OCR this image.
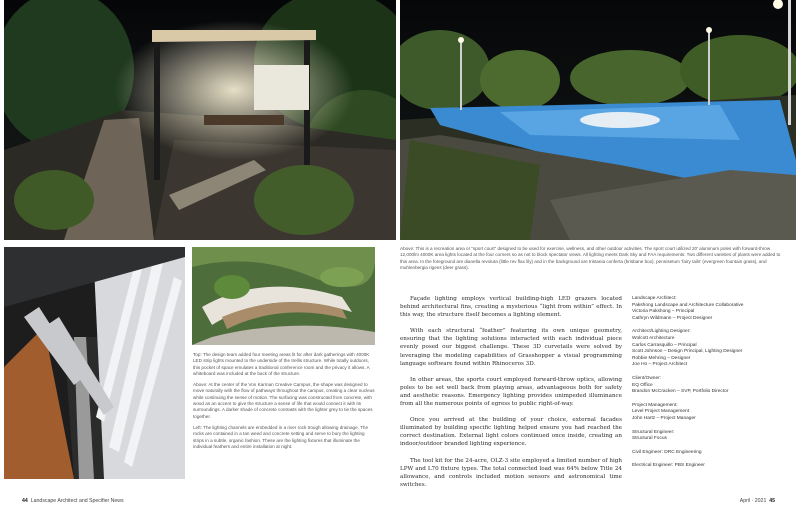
Above: This is a recreation area or “sport court” designed to be used for exercise, wellness, and other outdoor activities. The sport court utilized 20’ aluminum poles with forward-throw 12,000lm 4000K area lights located at the four corners so as not to block spectator views. All lighting meets Dark Sky and FAA requirements. Two different varieties of plants were added to this area. In the foreground are dianella revoluta (little rev flax lily) and in the background are tristania conferta (brisbane box), pennisetum ‘fairy tails’ (evergreen fountain grass), and muhlenbergia rigens (deer grass).

Top: The design team added four meeting areas lit for after dark gatherings with 4000K LED strip lights mounted to the underside of the trellis structure. While totally outdoors, this pocket of space emulates a traditional conference room and the privacy it allows. A whiteboard was included at the back of the structure.

Above: At the center of the Von Karman Creative Campus, the shape was designed to move naturally with the flow of pathways throughout the campus, creating a clear nucleus while continuing the sense of motion. The surfacing was constructed from concrete, with wood as an accent to give the structure a sense of life that would connect it with its surroundings. A darker shade of concrete contrasts with the lighter grey to tie the spaces together.

Left: The lighting channels are embedded in a river rock trough allowing drainage. The rocks are contained in a tan weed and concrete setting and serve to bury the lighting strips in a subtle, organic fashion. These are the lighting fixtures that illuminate the individual feathers and entire installation at night.

Façade lighting employs vertical building-high LED grazers located behind architectural fins, creating a mysterious “light from within” effect. In this way, the structure itself becomes a lighting element.

With each structural “feather” featuring its own unique geometry, ensuring that the lighting solutions interacted with each individual piece evenly posed our biggest challenge. These 3D curvetails were solved by leveraging the modeling capabilities of Grasshopper a visual programming language software found within Rhinoceros 3D.

In other areas, the sports court employed forward-throw optics, allowing poles to be set well back from playing areas, advantageous both for safety and aesthetic reasons. Emergency lighting provides unimpeded illuminance from all the numerous points of egress to public right-of-way.

Once you arrived at the building of your choice, external facades illuminated by building specific lighting helped ensure you had reached the correct destination. External light colors continued once inside, creating an indoor/outdoor branded lighting experience.

The tool kit for the 24-acre, OLZ-3 site employed a limited number of high LPW and L70 fixture types. The total connected load was 64% below Title 24 allowance, and controls included motion sensors and astronomical time switches.

Landscape Architect:
Pakshong Landscape and Architecture Collaborative
Victoria Pakshong – Principal
Cathryn Wildmann – Project Designer
Architect/Lighting Designer:
Wolcott Architecture
Carlos Carrasquillo – Principal
Scott Johnson – Design Principal, Lighting Designer
Robbie Mehring – Designer
Joe Ho – Project Architect
Client/Owner:
EQ Office
Brandon McCracken – SVP, Portfolio Director
Project Management:
Level Project Management
John Hartz – Project Manager
Structural Engineer:
Structural Focus
Civil Engineer: DRC Engineering
Electrical Engineer: PBS Engineer
44 Landscape Architect and Specifier News	April · 2021 45
